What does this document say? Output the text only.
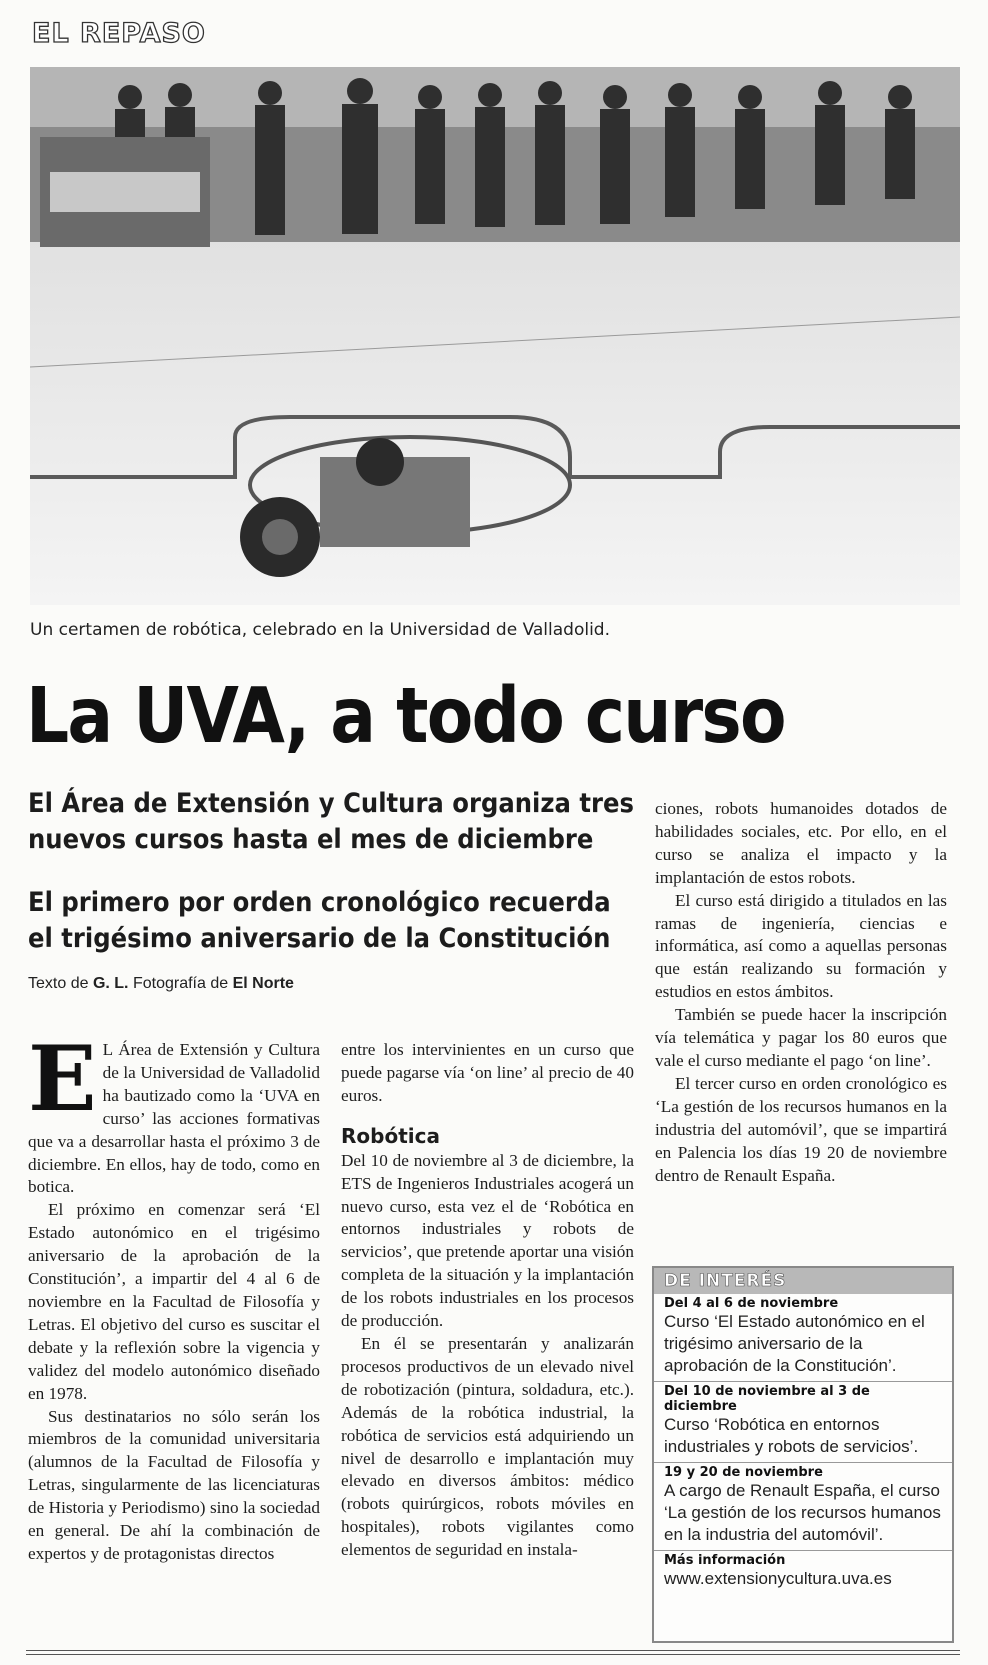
EL REPASO
Un certamen de robótica, celebrado en la Universidad de Valladolid.
La UVA, a todo curso
El Área de Extensión y Cultura organiza tres nuevos cursos hasta el mes de diciembre
El primero por orden cronológico recuerda el trigésimo aniversario de la Constitución
Texto de G. L. Fotografía de El Norte

E L Área de Extensión y Cultura de la Universidad de Valladolid ha bautizado como la ‘UVA en curso’ las acciones formativas que va a desarrollar hasta el próximo 3 de diciembre. En ellos, hay de todo, como en botica.

El próximo en comenzar será ‘El Estado autonómico en el trigésimo aniversario de la aprobación de la Constitución’, a impartir del 4 al 6 de noviembre en la Facultad de Filosofía y Letras. El objetivo del curso es suscitar el debate y la reflexión sobre la vigencia y validez del modelo autonómico diseñado en 1978.

Sus destinatarios no sólo serán los miembros de la comunidad universitaria (alumnos de la Facultad de Filosofía y Letras, singularmente de las licenciaturas de Historia y Periodismo) sino la sociedad en general. De ahí la combinación de expertos y de protagonistas directos

entre los intervinientes en un curso que puede pagarse vía ‘on line’ al precio de 40 euros.

Robótica

Del 10 de noviembre al 3 de diciembre, la ETS de Ingenieros Industriales acogerá un nuevo curso, esta vez el de ‘Robótica en entornos industriales y robots de servicios’, que pretende aportar una visión completa de la situación y la implantación de los robots industriales en los procesos de producción.

En él se presentarán y analizarán procesos productivos de un elevado nivel de robotización (pintura, soldadura, etc.). Además de la robótica industrial, la robótica de servicios está adquiriendo un nivel de desarrollo e implantación muy elevado en diversos ámbitos: médico (robots quirúrgicos, robots móviles en hospitales), robots vigilantes como elementos de seguridad en instala-

ciones, robots humanoides dotados de habilidades sociales, etc. Por ello, en el curso se analiza el impacto y la implantación de estos robots.

El curso está dirigido a titulados en las ramas de ingeniería, ciencias e informática, así como a aquellas personas que están realizando su formación y estudios en estos ámbitos.

También se puede hacer la inscripción vía telemática y pagar los 80 euros que vale el curso mediante el pago ‘on line’.

El tercer curso en orden cronológico es ‘La gestión de los recursos humanos en la industria del automóvil’, que se impartirá en Palencia los días 19 20 de noviembre dentro de Renault España.

DE INTERÉS
Del 4 al 6 de noviembre
Curso ‘El Estado autonómico en el trigésimo aniversario de la aprobación de la Constitución’.
Del 10 de noviembre al 3 de diciembre
Curso ‘Robótica en entornos industriales y robots de servicios’.
19 y 20 de noviembre
A cargo de Renault España, el curso ‘La gestión de los recursos humanos en la industria del automóvil’.
Más información
www.extensionycultura.uva.es
